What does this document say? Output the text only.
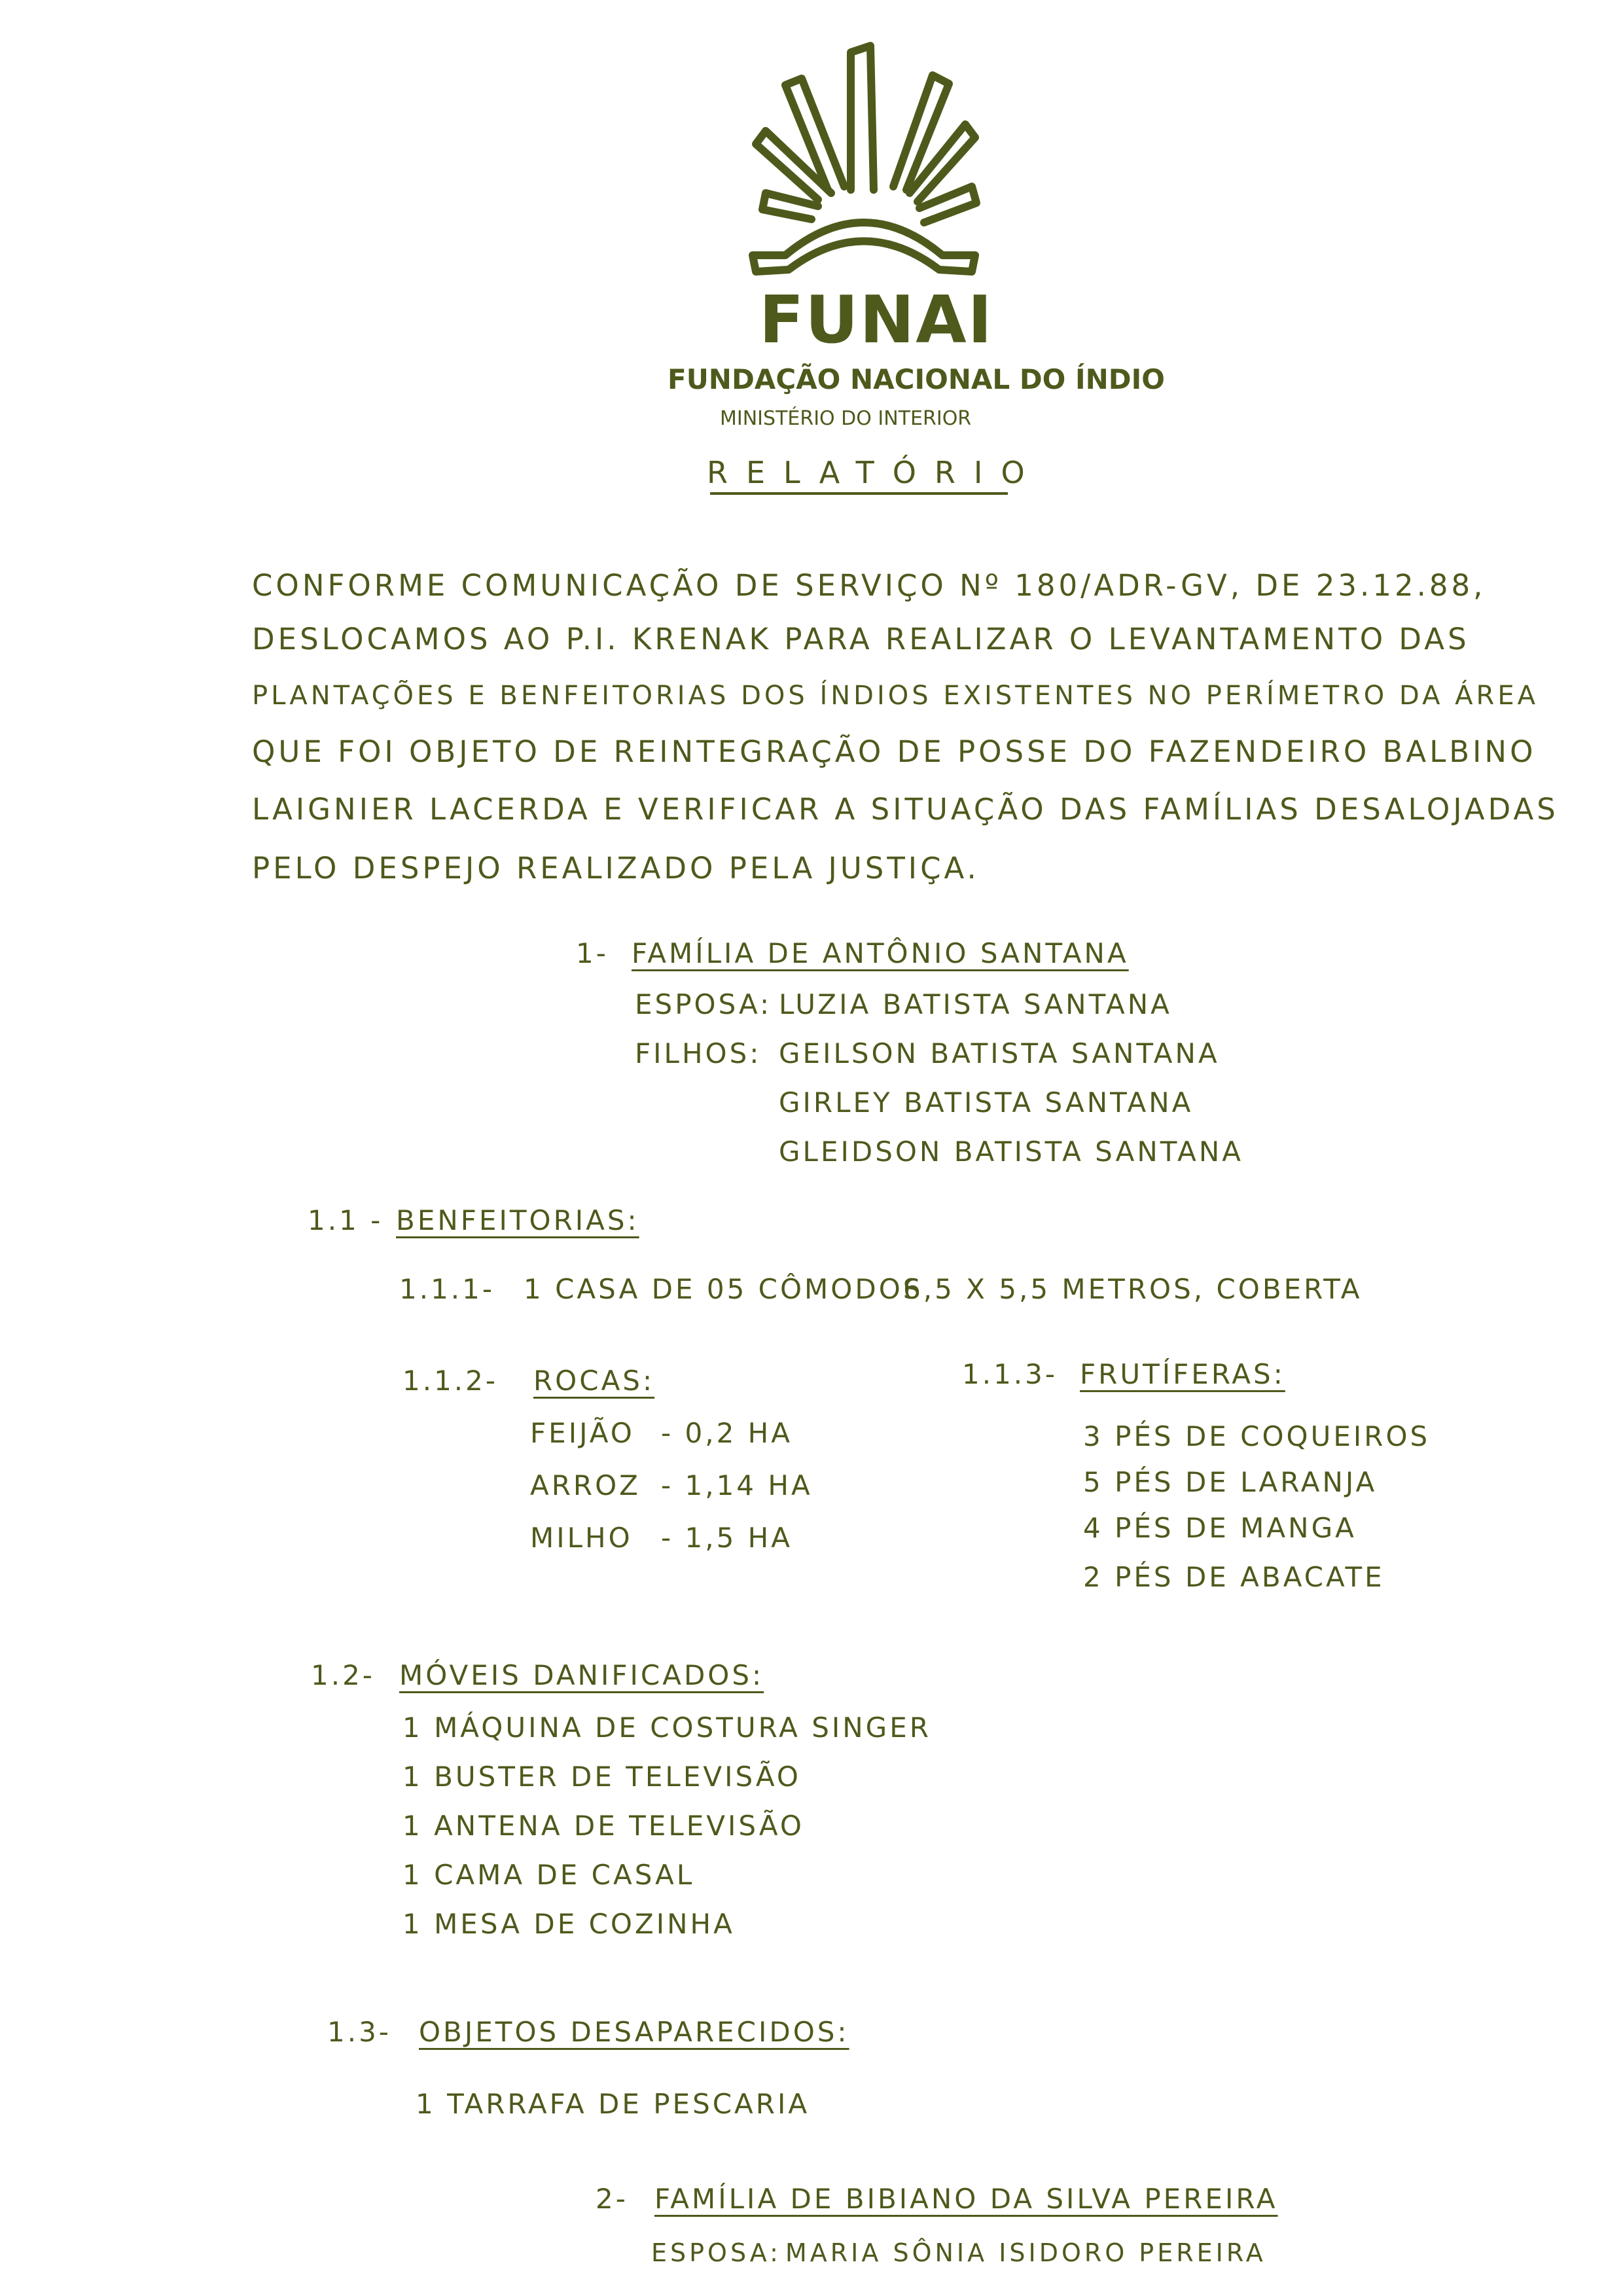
FUNAI
FUNDAÇÃO NACIONAL DO ÍNDIO
MINISTÉRIO DO INTERIOR
RELATÓRIO
CONFORME COMUNICAÇÃO DE SERVIÇO Nº 180/ADR-GV, DE 23.12.88,
DESLOCAMOS AO P.I. KRENAK PARA REALIZAR O LEVANTAMENTO DAS
PLANTAÇÕES E BENFEITORIAS DOS ÍNDIOS EXISTENTES NO PERÍMETRO DA ÁREA
QUE FOI OBJETO DE REINTEGRAÇÃO DE POSSE DO FAZENDEIRO BALBINO
LAIGNIER LACERDA E VERIFICAR A SITUAÇÃO DAS FAMÍLIAS DESALOJADAS
PELO DESPEJO REALIZADO PELA JUSTIÇA.
1- FAMÍLIA DE ANTÔNIO SANTANA
ESPOSA: LUZIA BATISTA SANTANA
FILHOS: GEILSON BATISTA SANTANA
GIRLEY BATISTA SANTANA
GLEIDSON BATISTA SANTANA
1.1 - BENFEITORIAS:
1.1.1- 1 CASA DE 05 CÔMODOS
6,5 X 5,5 METROS, COBERTA
1.1.2- ROCAS:
FEIJÃO - 0,2 HA
ARROZ - 1,14 HA
MILHO - 1,5 HA
1.1.3- FRUTÍFERAS:
3 PÉS DE COQUEIROS
5 PÉS DE LARANJA
4 PÉS DE MANGA
2 PÉS DE ABACATE
1.2- MÓVEIS DANIFICADOS:
1 MÁQUINA DE COSTURA SINGER
1 BUSTER DE TELEVISÃO
1 ANTENA DE TELEVISÃO
1 CAMA DE CASAL
1 MESA DE COZINHA
1.3- OBJETOS DESAPARECIDOS:
1 TARRAFA DE PESCARIA
2- FAMÍLIA DE BIBIANO DA SILVA PEREIRA
ESPOSA: MARIA SÔNIA ISIDORO PEREIRA
